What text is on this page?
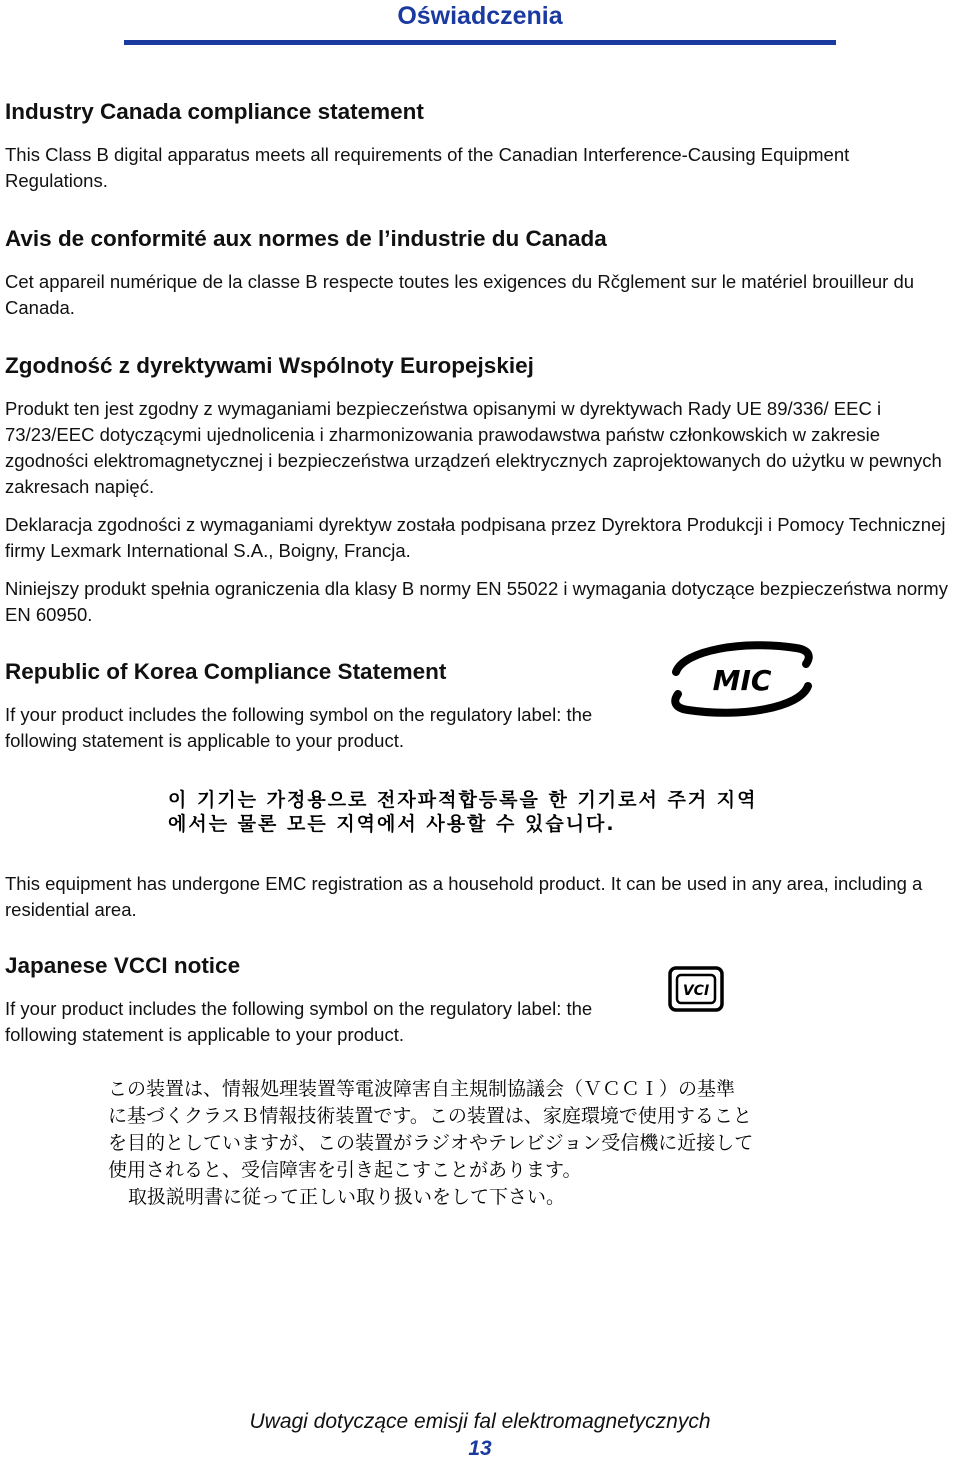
Oświadczenia
Industry Canada compliance statement

This Class B digital apparatus meets all requirements of the Canadian Interference-Causing Equipment Regulations.

Avis de conformité aux normes de l’industrie du Canada

Cet appareil numérique de la classe B respecte toutes les exigences du Rčglement sur le matériel brouilleur du Canada.

Zgodność z dyrektywami Wspólnoty Europejskiej

Produkt ten jest zgodny z wymaganiami bezpieczeństwa opisanymi w dyrektywach Rady UE 89/336/ EEC i 73/23/EEC dotyczącymi ujednolicenia i zharmonizowania prawodawstwa państw członkowskich w zakresie zgodności elektromagnetycznej i bezpieczeństwa urządzeń elektrycznych zaprojektowanych do użytku w pewnych zakresach napięć.

Deklaracja zgodności z wymaganiami dyrektyw została podpisana przez Dyrektora Produkcji i Pomocy Technicznej firmy Lexmark International S.A., Boigny, Francja.

Niniejszy produkt spełnia ograniczenia dla klasy B normy EN 55022 i wymagania dotyczące bezpieczeństwa normy EN 60950.

Republic of Korea Compliance Statement

If your product includes the following symbol on the regulatory label: the following statement is applicable to your product.

MIC
이 기기는 가정용으로 전자파적합등록을 한 기기로서 주거 지역
에서는 물론 모든 지역에서 사용할 수 있습니다.

This equipment has undergone EMC registration as a household product. It can be used in any area, including a residential area.

Japanese VCCI notice

If your product includes the following symbol on the regulatory label: the following statement is applicable to your product.

VCI
この装置は、情報処理装置等電波障害自主規制協議会（ＶＣＣＩ）の基準
に基づくクラスＢ情報技術装置です。この装置は、家庭環境で使用すること
を目的としていますが、この装置がラジオやテレビジョン受信機に近接して
使用されると、受信障害を引き起こすことがあります。
取扱説明書に従って正しい取り扱いをして下さい。
Uwagi dotyczące emisji fal elektromagnetycznych
13
